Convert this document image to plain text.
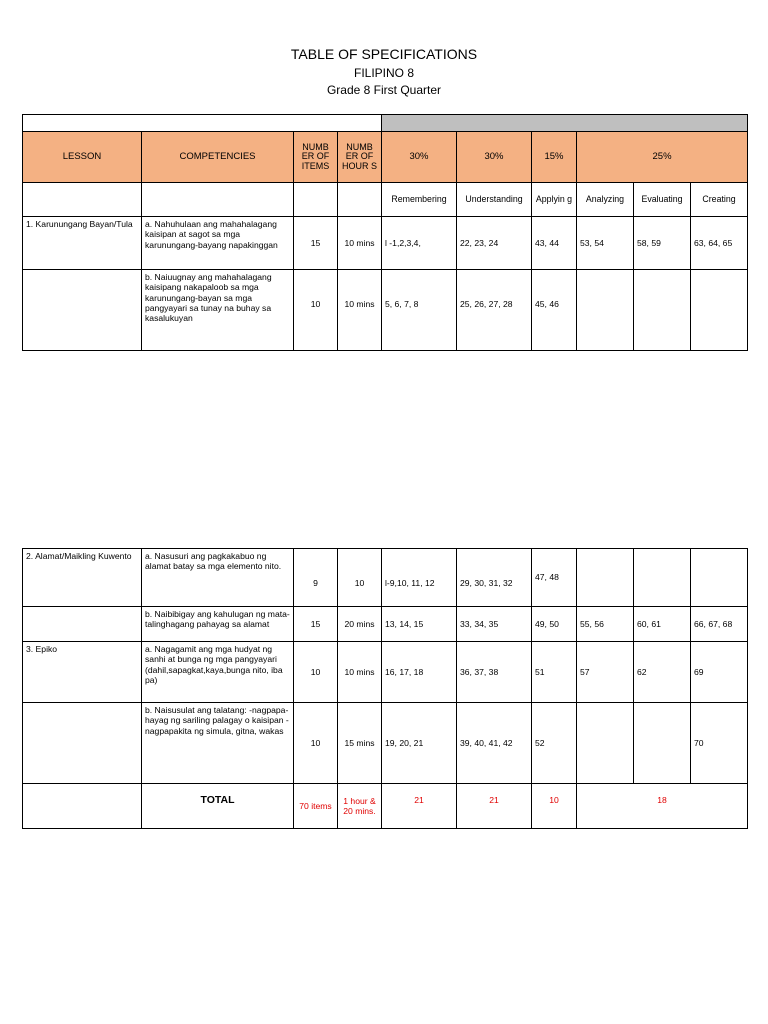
TABLE OF SPECIFICATIONS
FILIPINO 8
Grade 8 First Quarter

LESSON	COMPETENCIES	NUMB ER OF ITEMS	NUMB ER OF HOUR S	30%	30%	15%	25%		
				Remembering	Understanding	Applyin g	Analyzing	Evaluating	Creating
1. Karunungang Bayan/Tula	a. Nahuhulaan ang mahahalagang kaisipan at sagot sa mga karunungang-bayang napakinggan	15	10 mins	l -1,2,3,4,	22, 23, 24	43, 44	53, 54	58, 59	63, 64, 65
	b. Naiuugnay ang mahahalagang kaisipang nakapaloob sa mga karunungang-bayan sa mga pangyayari sa tunay na buhay sa kasalukuyan	10	10 mins	5, 6, 7, 8	25, 26, 27, 28	45, 46			
2. Alamat/Maikling Kuwento	a. Nasusuri ang pagkakabuo ng alamat batay sa mga elemento nito.	9	10	l-9,10, 11, 12	29, 30, 31, 32	47, 48			
	b. Naibibigay ang kahulugan ng mata-talinghagang pahayag sa alamat	15	20 mins	13, 14, 15	33, 34, 35	49, 50	55, 56	60, 61	66, 67, 68
3. Epiko	a. Nagagamit ang mga hudyat ng sanhi at bunga ng mga pangyayari (dahil,sapagkat,kaya,bunga nito, iba pa)	10	10 mins	16, 17, 18	36, 37, 38	51	57	62	69
	b. Naisusulat ang talatang: -nagpapa-hayag ng sariling palagay o kaisipan -nagpapakita ng simula, gitna, wakas	10	15 mins	19, 20, 21	39, 40, 41, 42	52			70
	TOTAL	70 items	1 hour & 20 mins.	21	21	10	18		
